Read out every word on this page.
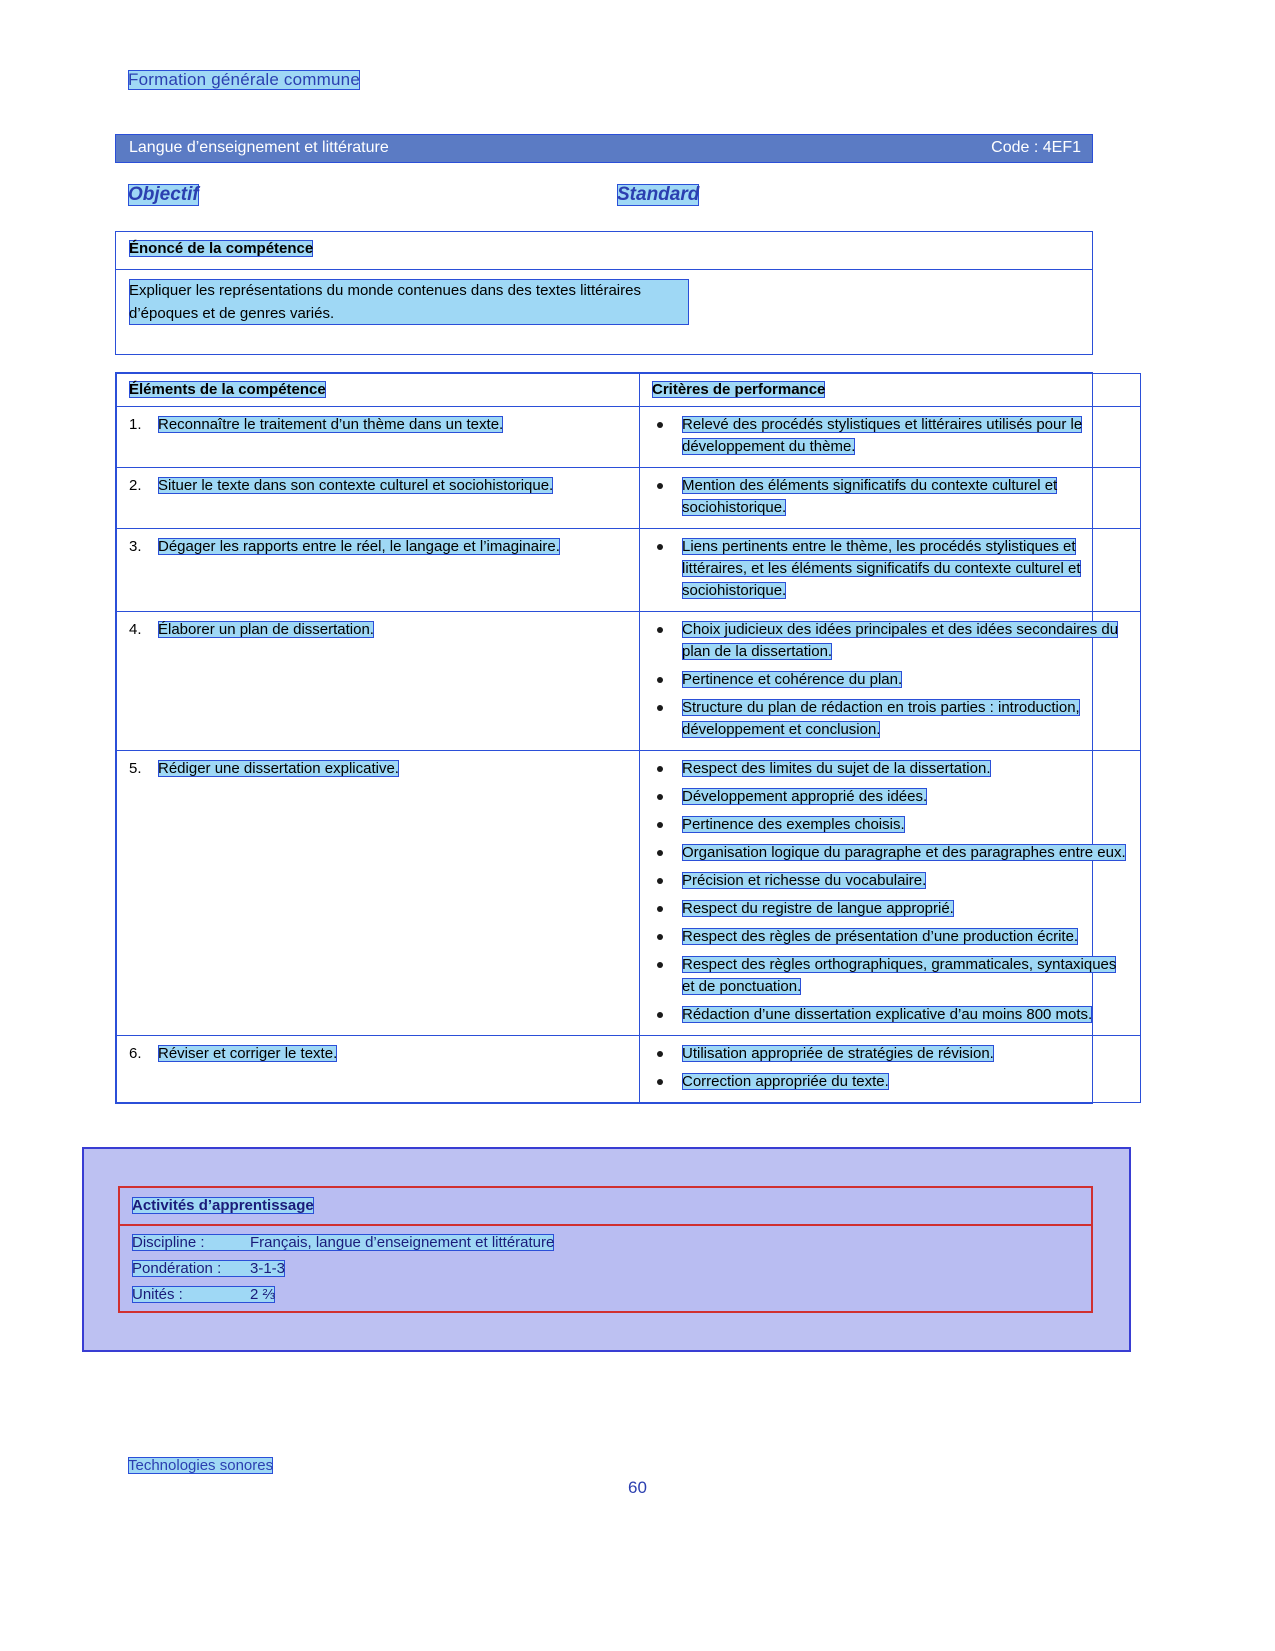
Formation générale commune
Langue d’enseignement et littérature	Code : 4EF1
Objectif	Standard
Énoncé de la compétence
Expliquer les représentations du monde contenues dans des textes littéraires d’époques et de genres variés.
Éléments de la compétence	Critères de performance

1. Reconnaître le traitement d’un thème dans un texte.	Relevé des procédés stylistiques et littéraires utilisés pour le développement du thème.

2. Situer le texte dans son contexte culturel et sociohistorique.	Mention des éléments significatifs du contexte culturel et sociohistorique.

3. Dégager les rapports entre le réel, le langage et l’imaginaire.	Liens pertinents entre le thème, les procédés stylistiques et littéraires, et les éléments significatifs du contexte culturel et sociohistorique.

4. Élaborer un plan de dissertation.	Choix judicieux des idées principales et des idées secondaires du plan de la dissertation.
Pertinence et cohérence du plan.
Structure du plan de rédaction en trois parties : introduction, développement et conclusion.

5. Rédiger une dissertation explicative.	Respect des limites du sujet de la dissertation.
Développement approprié des idées.
Pertinence des exemples choisis.
Organisation logique du paragraphe et des paragraphes entre eux.
Précision et richesse du vocabulaire.
Respect du registre de langue approprié.
Respect des règles de présentation d’une production écrite.
Respect des règles orthographiques, grammaticales, syntaxiques et de ponctuation.
Rédaction d’une dissertation explicative d’au moins 800 mots.

6. Réviser et corriger le texte.	Utilisation appropriée de stratégies de révision.
Correction appropriée du texte.
Activités d’apprentissage
Discipline :	Français, langue d’enseignement et littérature
Pondération : 3-1-3
Unités :	2 ⅔
Technologies sonores
60
